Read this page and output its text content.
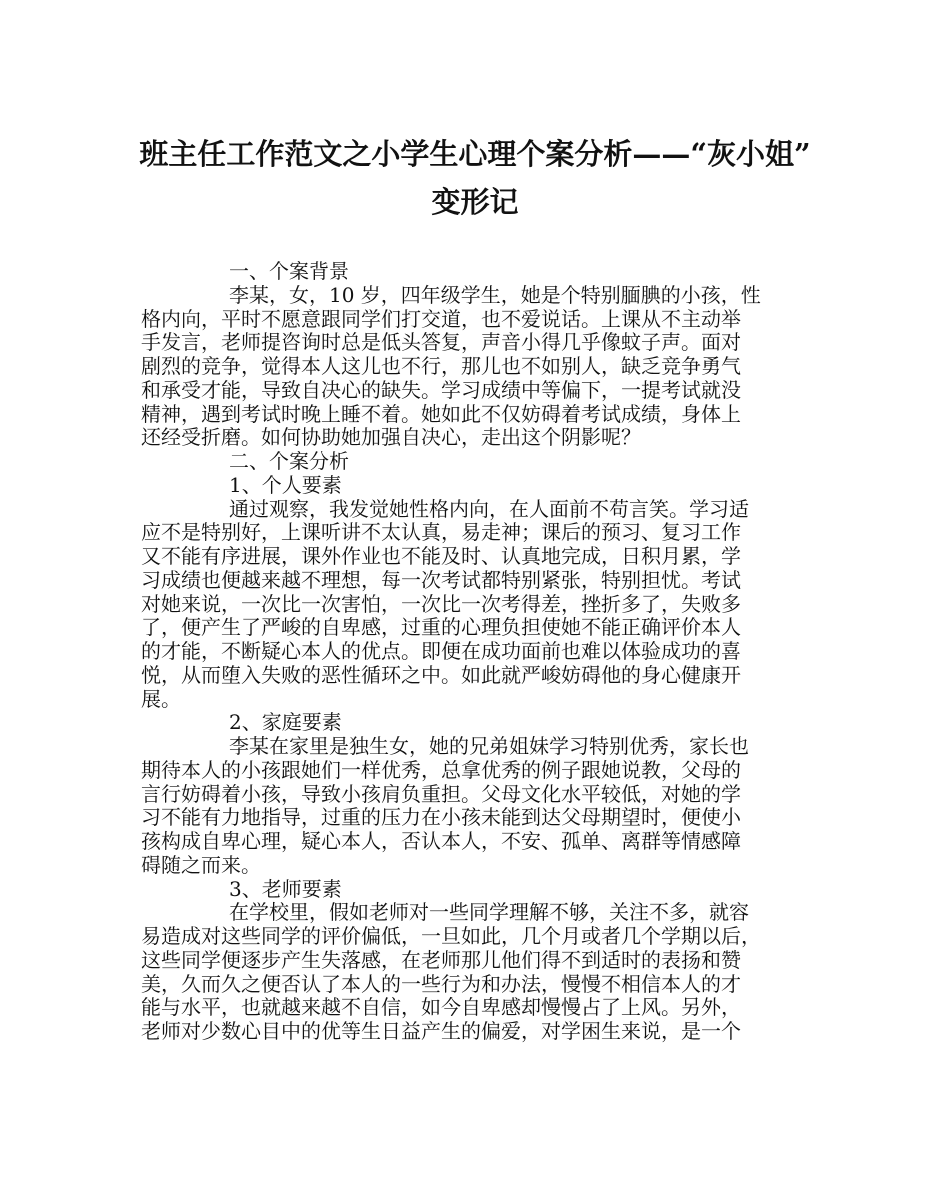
班主任工作范文之小学生心理个案分析——“灰小姐”
变形记
一、个案背景
李某，女，10 岁，四年级学生，她是个特别腼腆的小孩，性
格内向，平时不愿意跟同学们打交道，也不爱说话。上课从不主动举
手发言，老师提咨询时总是低头答复，声音小得几乎像蚊子声。面对
剧烈的竞争，觉得本人这儿也不行，那儿也不如别人，缺乏竞争勇气
和承受才能，导致自决心的缺失。学习成绩中等偏下，一提考试就没
精神，遇到考试时晚上睡不着。她如此不仅妨碍着考试成绩，身体上
还经受折磨。如何协助她加强自决心，走出这个阴影呢？
二、个案分析
1、个人要素
通过观察，我发觉她性格内向，在人面前不苟言笑。学习适
应不是特别好，上课听讲不太认真，易走神；课后的预习、复习工作
又不能有序进展，课外作业也不能及时、认真地完成，日积月累，学
习成绩也便越来越不理想，每一次考试都特别紧张，特别担忧。考试
对她来说，一次比一次害怕，一次比一次考得差，挫折多了，失败多
了，便产生了严峻的自卑感，过重的心理负担使她不能正确评价本人
的才能，不断疑心本人的优点。即便在成功面前也难以体验成功的喜
悦，从而堕入失败的恶性循环之中。如此就严峻妨碍他的身心健康开
展。
2、家庭要素
李某在家里是独生女，她的兄弟姐妹学习特别优秀，家长也
期待本人的小孩跟她们一样优秀，总拿优秀的例子跟她说教，父母的
言行妨碍着小孩，导致小孩肩负重担。父母文化水平较低，对她的学
习不能有力地指导，过重的压力在小孩未能到达父母期望时，便使小
孩构成自卑心理，疑心本人，否认本人，不安、孤单、离群等情感障
碍随之而来。
3、老师要素
在学校里，假如老师对一些同学理解不够，关注不多，就容
易造成对这些同学的评价偏低，一旦如此，几个月或者几个学期以后，
这些同学便逐步产生失落感，在老师那儿他们得不到适时的表扬和赞
美，久而久之便否认了本人的一些行为和办法，慢慢不相信本人的才
能与水平，也就越来越不自信，如今自卑感却慢慢占了上风。另外，
老师对少数心目中的优等生日益产生的偏爱，对学困生来说，是一个
